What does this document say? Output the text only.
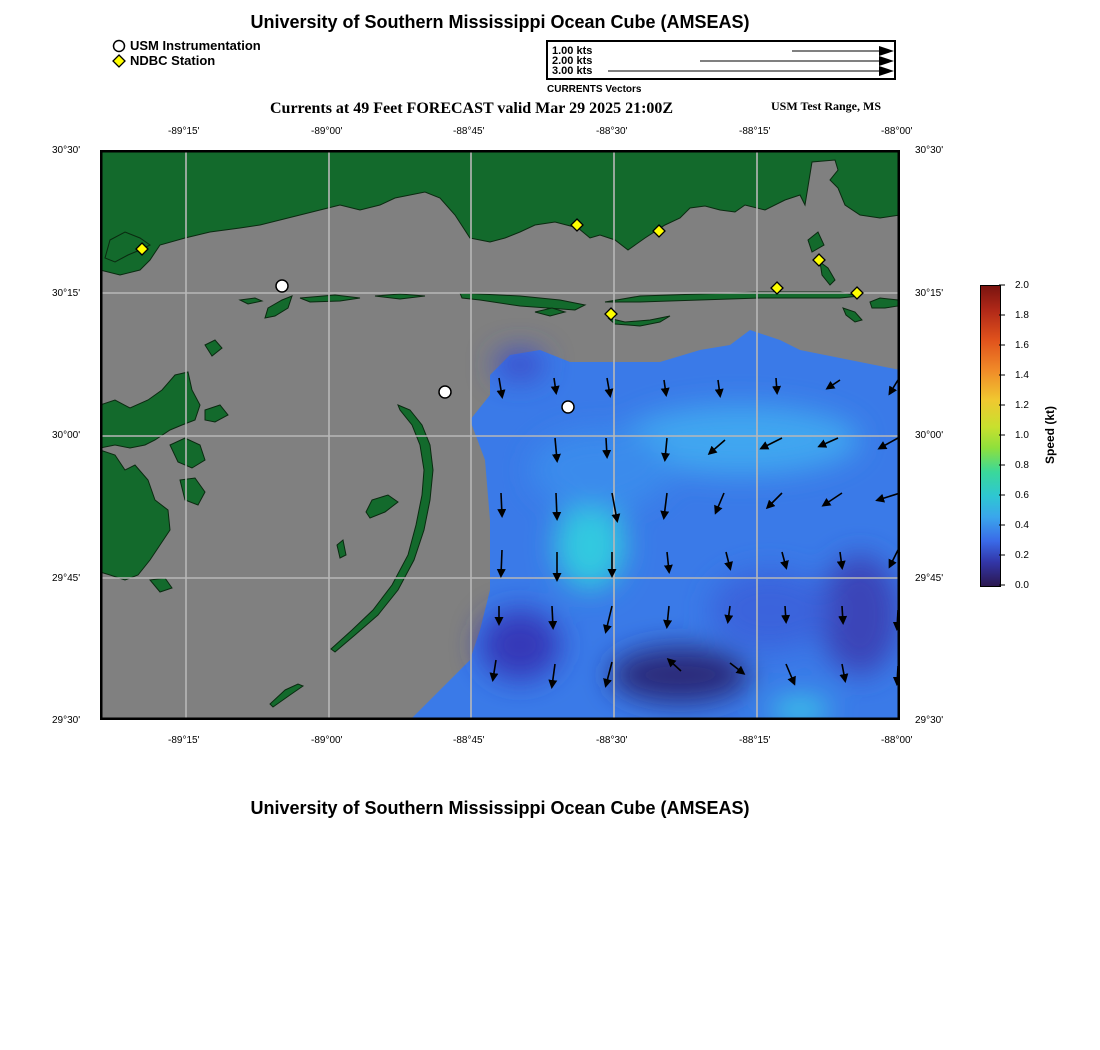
University of Southern Mississippi Ocean Cube (AMSEAS)
USM Instrumentation
NDBC Station
1.00 kts
2.00 kts
3.00 kts
CURRENTS Vectors
Currents at 49 Feet FORECAST valid Mar 29 2025 21:00Z	USM Test Range, MS
-89°15'	-89°00'	-88°45'	-88°30'	-88°15'	-88°00'
-89°15'	-89°00'	-88°45'	-88°30'	-88°15'	-88°00'
30°30'
30°15'
30°00'
29°45'
29°30'
30°30'
30°15'
30°00'
29°45'
29°30'
2.0
1.8
1.6
1.4
1.2
1.0
0.8
0.6
0.4
0.2
0.0
Speed (kt)
University of Southern Mississippi Ocean Cube (AMSEAS)
